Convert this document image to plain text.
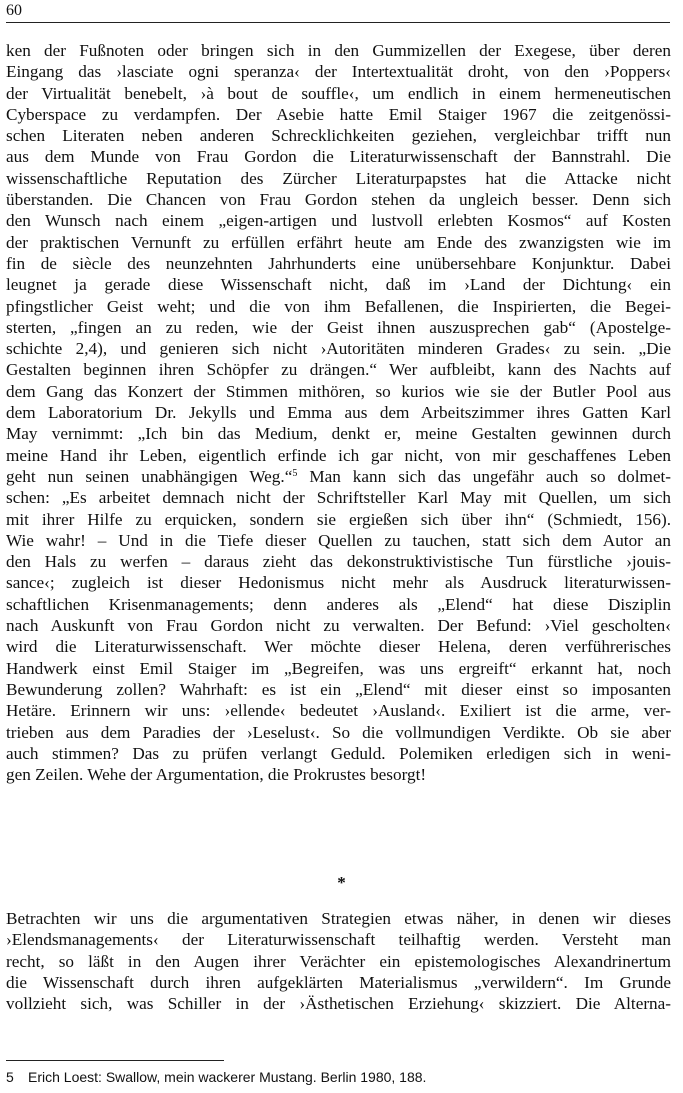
60
ken der Fußnoten oder bringen sich in den Gummizellen der Exegese, über deren
Eingang das ›lasciate ogni speranza‹ der Intertextualität droht, von den ›Poppers‹
der Virtualität benebelt, ›à bout de souffle‹, um endlich in einem hermeneutischen
Cyberspace zu verdampfen. Der Asebie hatte Emil Staiger 1967 die zeitgenössi-
schen Literaten neben anderen Schrecklichkeiten geziehen, vergleichbar trifft nun
aus dem Munde von Frau Gordon die Literaturwissenschaft der Bannstrahl. Die
wissenschaftliche Reputation des Zürcher Literaturpapstes hat die Attacke nicht
überstanden. Die Chancen von Frau Gordon stehen da ungleich besser. Denn sich
den Wunsch nach einem „eigen-artigen und lustvoll erlebten Kosmos“ auf Kosten
der praktischen Vernunft zu erfüllen erfährt heute am Ende des zwanzigsten wie im
fin de siècle des neunzehnten Jahrhunderts eine unübersehbare Konjunktur. Dabei
leugnet ja gerade diese Wissenschaft nicht, daß im ›Land der Dichtung‹ ein
pfingstlicher Geist weht; und die von ihm Befallenen, die Inspirierten, die Begei-
sterten, „fingen an zu reden, wie der Geist ihnen auszusprechen gab“ (Apostelge-
schichte 2,4), und genieren sich nicht ›Autoritäten minderen Grades‹ zu sein. „Die
Gestalten beginnen ihren Schöpfer zu drängen.“ Wer aufbleibt, kann des Nachts auf
dem Gang das Konzert der Stimmen mithören, so kurios wie sie der Butler Pool aus
dem Laboratorium Dr. Jekylls und Emma aus dem Arbeitszimmer ihres Gatten Karl
May vernimmt: „Ich bin das Medium, denkt er, meine Gestalten gewinnen durch
meine Hand ihr Leben, eigentlich erfinde ich gar nicht, von mir geschaffenes Leben
geht nun seinen unabhängigen Weg.“$^5$ Man kann sich das ungefähr auch so dolmet-
schen: „Es arbeitet demnach nicht der Schriftsteller Karl May mit Quellen, um sich
mit ihrer Hilfe zu erquicken, sondern sie ergießen sich über ihn“ (Schmiedt, 156).
Wie wahr! – Und in die Tiefe dieser Quellen zu tauchen, statt sich dem Autor an
den Hals zu werfen – daraus zieht das dekonstruktivistische Tun fürstliche ›jouis-
sance‹; zugleich ist dieser Hedonismus nicht mehr als Ausdruck literaturwissen-
schaftlichen Krisenmanagements; denn anderes als „Elend“ hat diese Disziplin
nach Auskunft von Frau Gordon nicht zu verwalten. Der Befund: ›Viel gescholten‹
wird die Literaturwissenschaft. Wer möchte dieser Helena, deren verführerisches
Handwerk einst Emil Staiger im „Begreifen, was uns ergreift“ erkannt hat, noch
Bewunderung zollen? Wahrhaft: es ist ein „Elend“ mit dieser einst so imposanten
Hetäre. Erinnern wir uns: ›ellende‹ bedeutet ›Ausland‹. Exiliert ist die arme, ver-
trieben aus dem Paradies der ›Leselust‹. So die vollmundigen Verdikte. Ob sie aber
auch stimmen? Das zu prüfen verlangt Geduld. Polemiken erledigen sich in weni-
gen Zeilen. Wehe der Argumentation, die Prokrustes besorgt!
*
Betrachten wir uns die argumentativen Strategien etwas näher, in denen wir dieses
›Elendsmanagements‹ der Literaturwissenschaft teilhaftig werden. Versteht man
recht, so läßt in den Augen ihrer Verächter ein epistemologisches Alexandrinertum
die Wissenschaft durch ihren aufgeklärten Materialismus „verwildern“. Im Grunde
vollzieht sich, was Schiller in der ›Ästhetischen Erziehung‹ skizziert. Die Alterna-
5 Erich Loest: Swallow, mein wackerer Mustang. Berlin 1980, 188.
